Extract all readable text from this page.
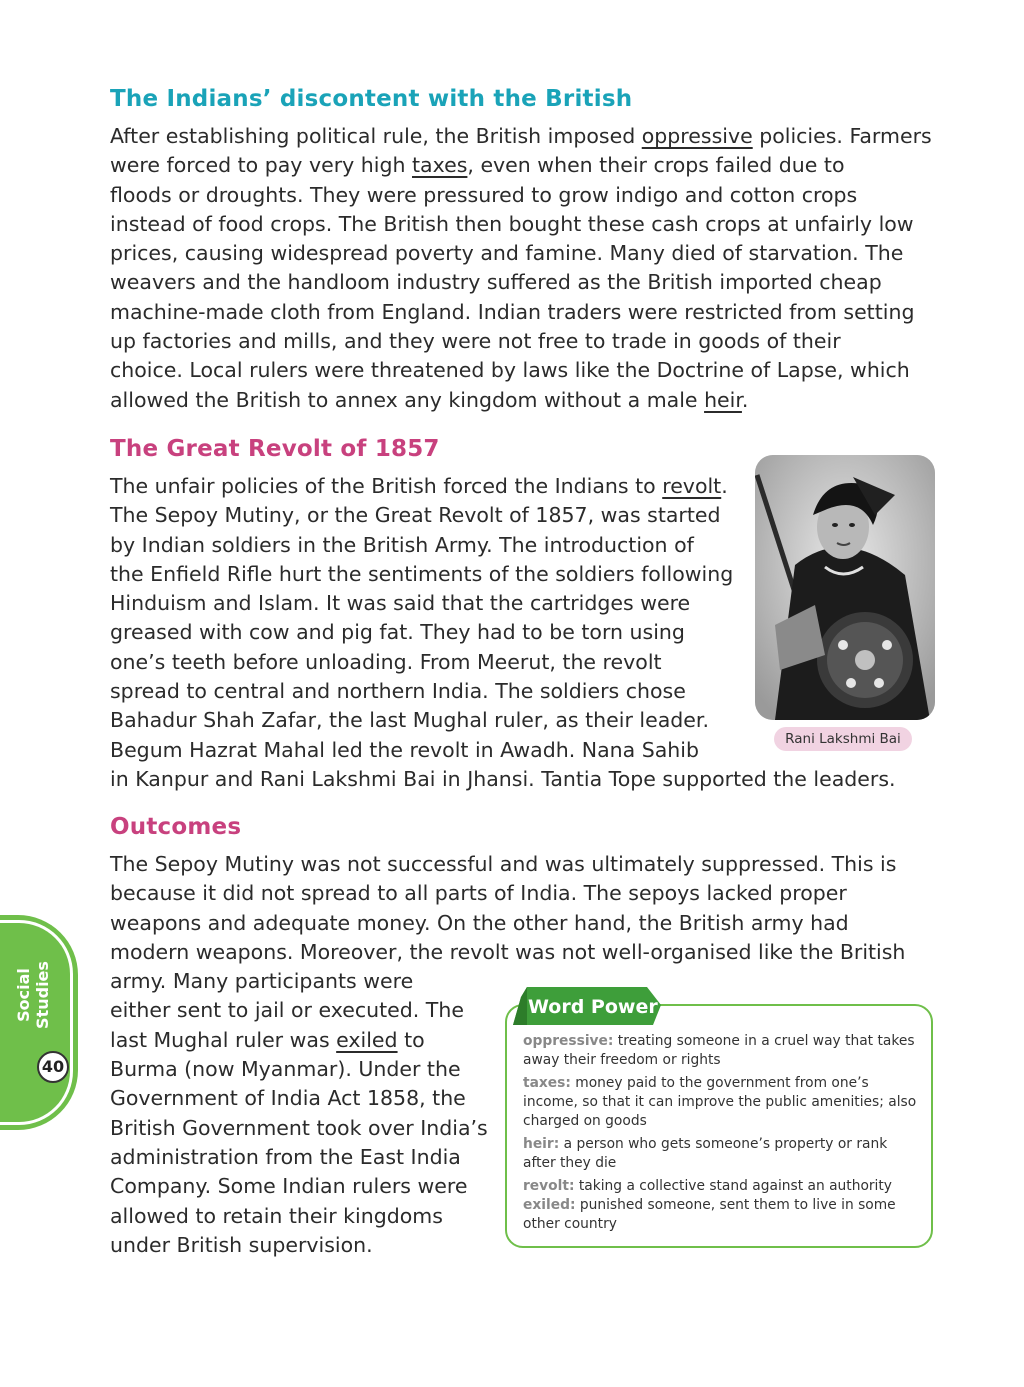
The Indians’ discontent with the British
The Great Revolt of 1857
Outcomes
After establishing political rule, the British imposed oppressive policies. Farmers
were forced to pay very high taxes, even when their crops failed due to
floods or droughts. They were pressured to grow indigo and cotton crops
instead of food crops. The British then bought these cash crops at unfairly low
prices, causing widespread poverty and famine. Many died of starvation. The
weavers and the handloom industry suffered as the British imported cheap
machine-made cloth from England. Indian traders were restricted from setting
up factories and mills, and they were not free to trade in goods of their
choice. Local rulers were threatened by laws like the Doctrine of Lapse, which
allowed the British to annex any kingdom without a male heir.
The unfair policies of the British forced the Indians to revolt.
The Sepoy Mutiny, or the Great Revolt of 1857, was started
by Indian soldiers in the British Army. The introduction of
the Enfield Rifle hurt the sentiments of the soldiers following
Hinduism and Islam. It was said that the cartridges were
greased with cow and pig fat. They had to be torn using
one’s teeth before unloading. From Meerut, the revolt
spread to central and northern India. The soldiers chose
Bahadur Shah Zafar, the last Mughal ruler, as their leader.
Begum Hazrat Mahal led the revolt in Awadh. Nana Sahib
in Kanpur and Rani Lakshmi Bai in Jhansi. Tantia Tope supported the leaders.
The Sepoy Mutiny was not successful and was ultimately suppressed. This is
because it did not spread to all parts of India. The sepoys lacked proper
weapons and adequate money. On the other hand, the British army had
modern weapons. Moreover, the revolt was not well-organised like the British
army. Many participants were
either sent to jail or executed. The
last Mughal ruler was exiled to
Burma (now Myanmar). Under the
Government of India Act 1858, the
British Government took over India’s
administration from the East India
Company. Some Indian rulers were
allowed to retain their kingdoms
under British supervision.
Rani Lakshmi Bai
Social Studies
40
Word Power
oppressive: treating someone in a cruel way that takes away their freedom or rights
taxes: money paid to the government from one’s income, so that it can improve the public amenities; also charged on goods
heir: a person who gets someone’s property or rank after they die
revolt: taking a collective stand against an authority
exiled: punished someone, sent them to live in some other country
